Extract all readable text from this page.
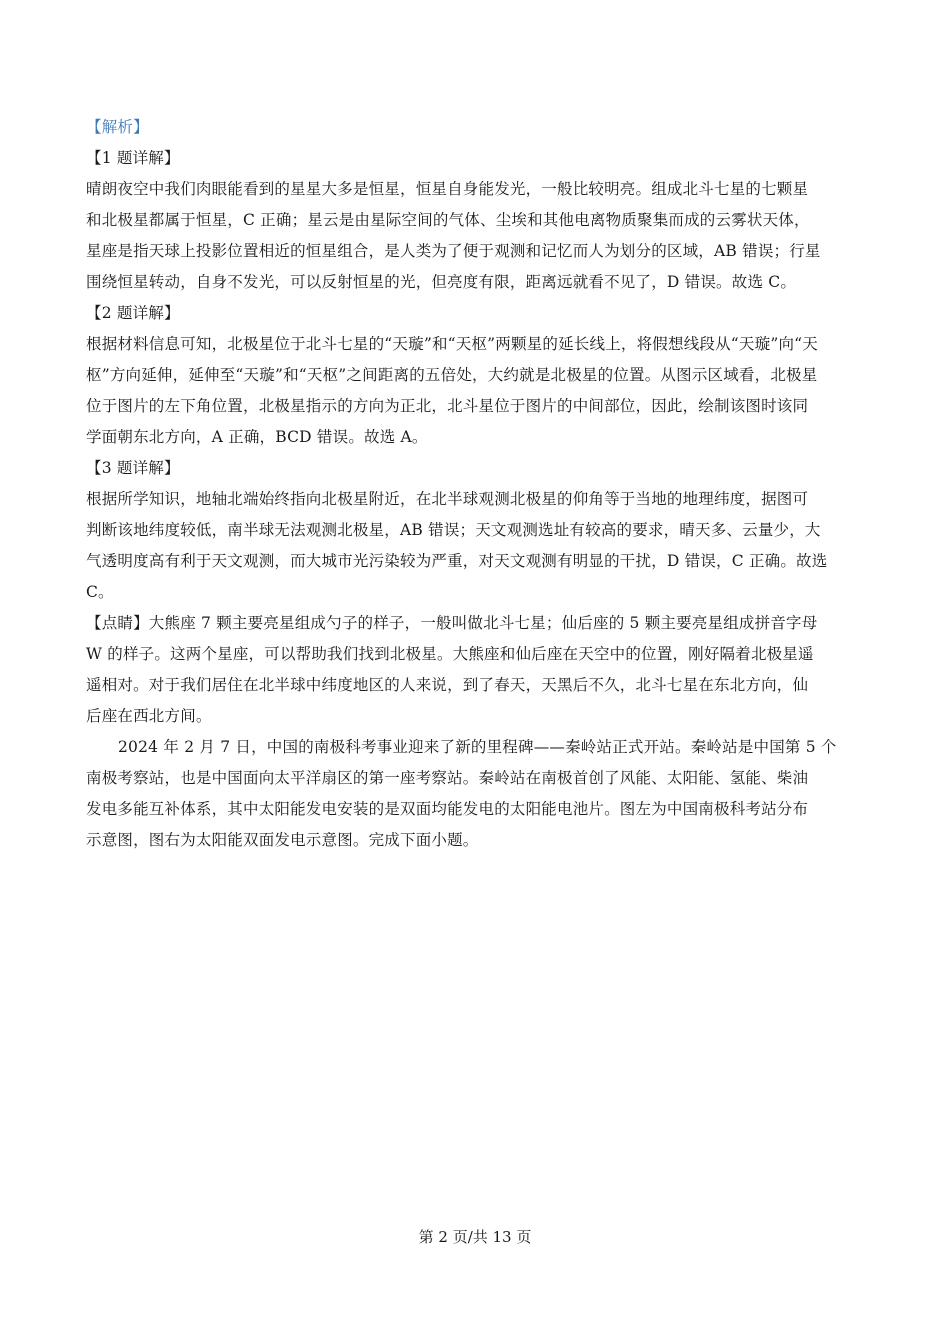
【解析】
【1 题详解】
晴朗夜空中我们肉眼能看到的星星大多是恒星，恒星自身能发光，一般比较明亮。组成北斗七星的七颗星
和北极星都属于恒星，C 正确；星云是由星际空间的气体、尘埃和其他电离物质聚集而成的云雾状天体，
星座是指天球上投影位置相近的恒星组合，是人类为了便于观测和记忆而人为划分的区域，AB 错误；行星
围绕恒星转动，自身不发光，可以反射恒星的光，但亮度有限，距离远就看不见了，D 错误。故选 C。
【2 题详解】
根据材料信息可知，北极星位于北斗七星的“天璇”和“天枢”两颗星的延长线上，将假想线段从“天璇”向“天
枢”方向延伸，延伸至“天璇”和“天枢”之间距离的五倍处，大约就是北极星的位置。从图示区域看，北极星
位于图片的左下角位置，北极星指示的方向为正北，北斗星位于图片的中间部位，因此，绘制该图时该同
学面朝东北方向，A 正确，BCD 错误。故选 A。
【3 题详解】
根据所学知识，地轴北端始终指向北极星附近，在北半球观测北极星的仰角等于当地的地理纬度，据图可
判断该地纬度较低，南半球无法观测北极星，AB 错误；天文观测选址有较高的要求，晴天多、云量少，大
气透明度高有利于天文观测，而大城市光污染较为严重，对天文观测有明显的干扰，D 错误，C 正确。故选
C。
【点睛】大熊座 7 颗主要亮星组成勺子的样子，一般叫做北斗七星；仙后座的 5 颗主要亮星组成拼音字母
W 的样子。这两个星座，可以帮助我们找到北极星。大熊座和仙后座在天空中的位置，刚好隔着北极星遥
遥相对。对于我们居住在北半球中纬度地区的人来说，到了春天，天黑后不久，北斗七星在东北方向，仙
后座在西北方间。
2024 年 2 月 7 日，中国的南极科考事业迎来了新的里程碑——秦岭站正式开站。秦岭站是中国第 5 个
南极考察站，也是中国面向太平洋扇区的第一座考察站。秦岭站在南极首创了风能、太阳能、氢能、柴油
发电多能互补体系，其中太阳能发电安装的是双面均能发电的太阳能电池片。图左为中国南极科考站分布
示意图，图右为太阳能双面发电示意图。完成下面小题。
第 2 页/共 13 页
